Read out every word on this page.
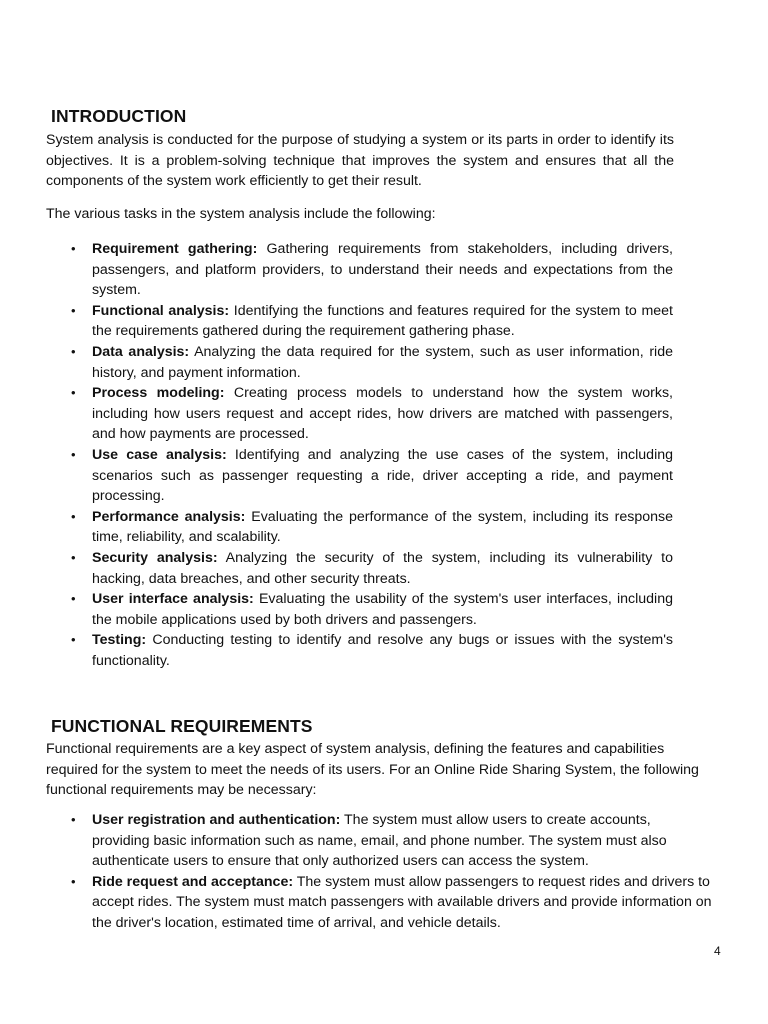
INTRODUCTION

System analysis is conducted for the purpose of studying a system or its parts in order to identify its objectives. It is a problem-solving technique that improves the system and ensures that all the components of the system work efficiently to get their result.

The various tasks in the system analysis include the following:

• Requirement gathering: Gathering requirements from stakeholders, including drivers, passengers, and platform providers, to understand their needs and expectations from the system.
• Functional analysis: Identifying the functions and features required for the system to meet the requirements gathered during the requirement gathering phase.
• Data analysis: Analyzing the data required for the system, such as user information, ride history, and payment information.
• Process modeling: Creating process models to understand how the system works, including how users request and accept rides, how drivers are matched with passengers, and how payments are processed.
• Use case analysis: Identifying and analyzing the use cases of the system, including scenarios such as passenger requesting a ride, driver accepting a ride, and payment processing.
• Performance analysis: Evaluating the performance of the system, including its response time, reliability, and scalability.
• Security analysis: Analyzing the security of the system, including its vulnerability to hacking, data breaches, and other security threats.
• User interface analysis: Evaluating the usability of the system's user interfaces, including the mobile applications used by both drivers and passengers.
• Testing: Conducting testing to identify and resolve any bugs or issues with the system's functionality.
FUNCTIONAL REQUIREMENTS

Functional requirements are a key aspect of system analysis, defining the features and capabilities required for the system to meet the needs of its users. For an Online Ride Sharing System, the following functional requirements may be necessary:

• User registration and authentication: The system must allow users to create accounts, providing basic information such as name, email, and phone number. The system must also authenticate users to ensure that only authorized users can access the system.
• Ride request and acceptance: The system must allow passengers to request rides and drivers to accept rides. The system must match passengers with available drivers and provide information on the driver's location, estimated time of arrival, and vehicle details.
4
